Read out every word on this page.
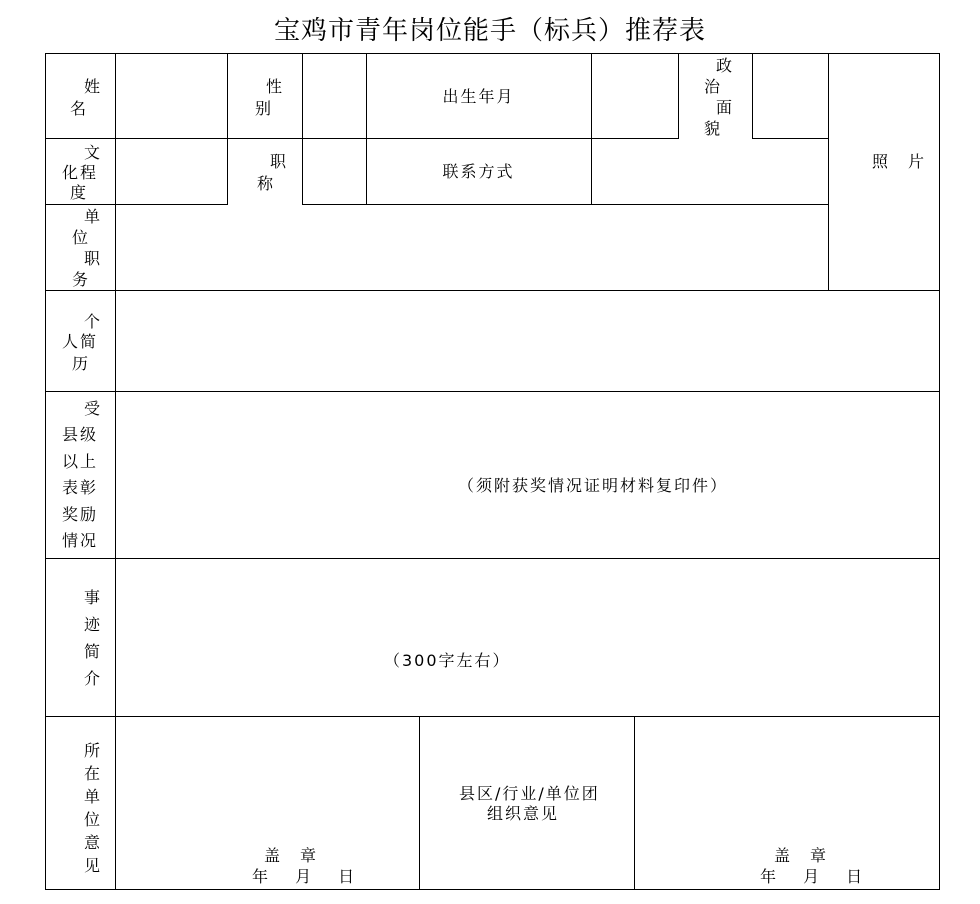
宝鸡市青年岗位能手（标兵）推荐表
姓
名
性
别
出生年月
政
治
面
貌
照　片
文
化程
度
职
称
联系方式
单
位
职
务
个
人简
历
受
县级
以上
表彰
奖励
情况
（须附获奖情况证明材料复印件）
事
迹
简
介
（300字左右）
所
在
单
位
意
见
盖　章
年　 月　 日
县区/行业/单位团
组织意见
盖　章
年　 月　 日
